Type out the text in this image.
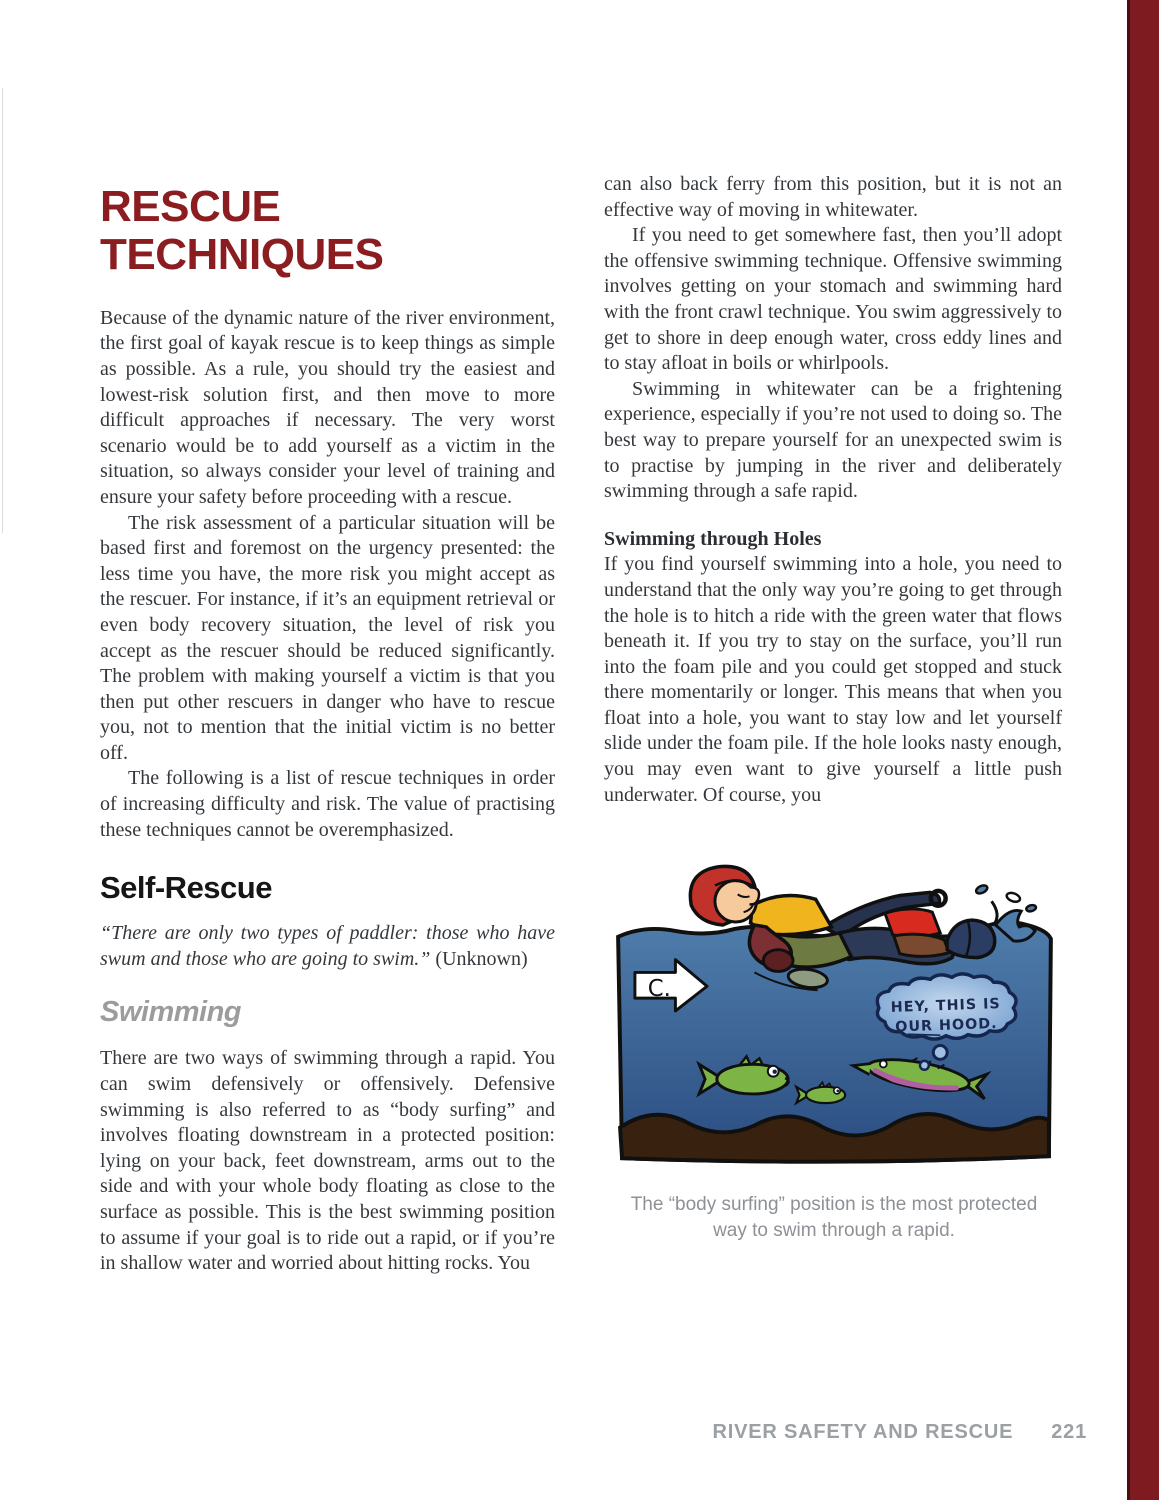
RESCUE
TECHNIQUES

Because of the dynamic nature of the river environment, the first goal of kayak rescue is to keep things as simple as possible. As a rule, you should try the easiest and lowest-risk solution first, and then move to more difficult approaches if necessary. The very worst scenario would be to add yourself as a victim in the situation, so always consider your level of training and ensure your safety before proceeding with a rescue.

The risk assessment of a particular situation will be based first and foremost on the urgency presented: the less time you have, the more risk you might accept as the rescuer. For instance, if it’s an equipment retrieval or even body recovery situation, the level of risk you accept as the rescuer should be reduced significantly. The problem with making yourself a victim is that you then put other rescuers in danger who have to rescue you, not to mention that the initial victim is no better off.

The following is a list of rescue techniques in order of increasing difficulty and risk. The value of practising these techniques cannot be overemphasized.

Self-Rescue

“There are only two types of paddler: those who have swum and those who are going to swim.” (Unknown)

Swimming

There are two ways of swimming through a rapid. You can swim defensively or offensively. Defensive swimming is also referred to as “body surfing” and involves floating downstream in a protected position: lying on your back, feet downstream, arms out to the side and with your whole body floating as close to the surface as possible. This is the best swimming position to assume if your goal is to ride out a rapid, or if you’re in shallow water and worried about hitting rocks. You

can also back ferry from this position, but it is not an effective way of moving in whitewater.

If you need to get somewhere fast, then you’ll adopt the offensive swimming technique. Offensive swimming involves getting on your stomach and swimming hard with the front crawl technique. You swim aggressively to get to shore in deep enough water, cross eddy lines and to stay afloat in boils or whirlpools.

Swimming in whitewater can be a frightening experience, especially if you’re not used to doing so. The best way to prepare yourself for an unexpected swim is to practise by jumping in the river and deliberately swimming through a safe rapid.

Swimming through Holes

If you find yourself swimming into a hole, you need to understand that the only way you’re going to get through the hole is to hitch a ride with the green water that flows beneath it. If you try to stay on the surface, you’ll run into the foam pile and you could get stopped and stuck there momentarily or longer. This means that when you float into a hole, you want to stay low and let yourself slide under the foam pile. If the hole looks nasty enough, you may even want to give yourself a little push underwater. Of course, you

HEY, THIS IS
OUR HOOD.
C.
The “body surfing” position is the most protected
way to swim through a rapid.
RIVER SAFETY AND RESCUE 221
